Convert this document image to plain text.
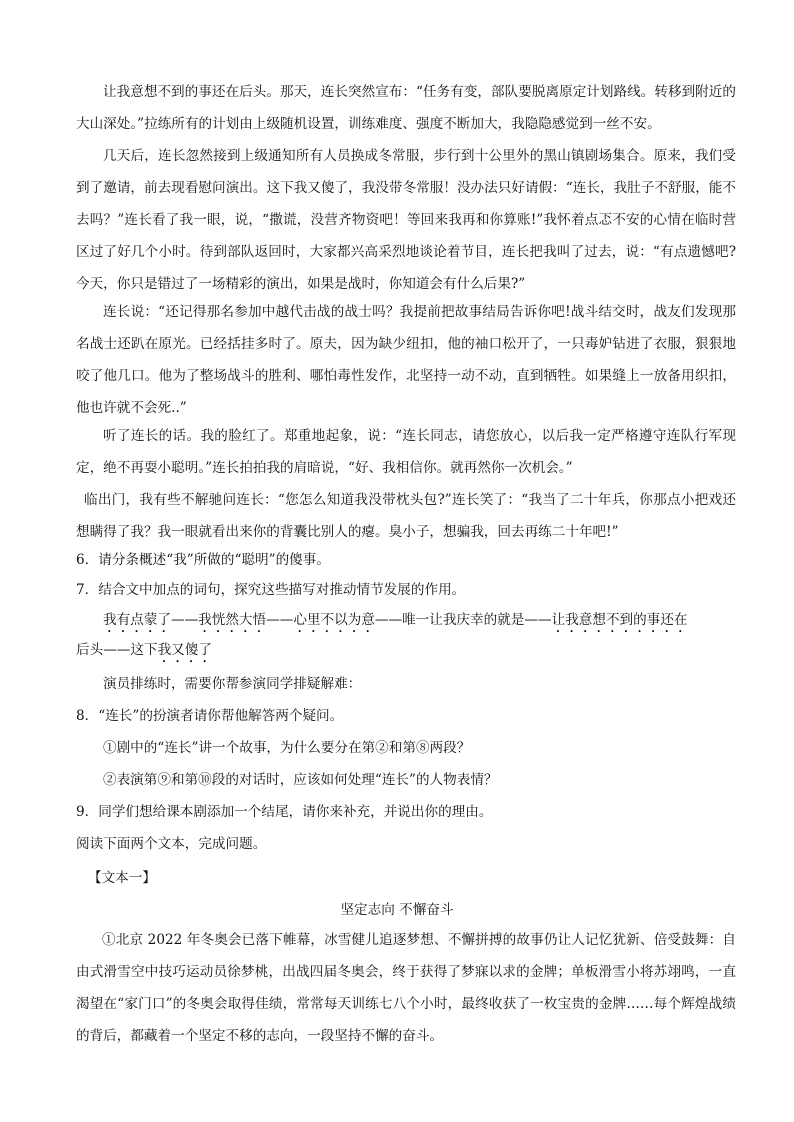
让我意想不到的事还在后头。那天，连长突然宣布：“任务有变，部队要脱离原定计划路线。转移到附近的大山深处。”拉练所有的计划由上级随机设置，训练难度、强度不断加大，我隐隐感觉到一丝不安。

几天后，连长忽然接到上级通知所有人员换成冬常服，步行到十公里外的黑山镇剧场集合。原来，我们受到了邀请，前去现看慰问演出。这下我又傻了，我没带冬常服！没办法只好请假：“连长，我肚子不舒服，能不去吗？”连长看了我一眼，说，“撒谎，没营齐物资吧！等回来我再和你算账!”我怀着点忑不安的心情在临时营区过了好几个小时。待到部队返回时，大家都兴高采烈地谈论着节目，连长把我叫了过去，说：“有点遗憾吧?今天，你只是错过了一场精彩的演出，如果是战时，你知道会有什么后果?”

连长说：“还记得那名参加中越代击战的战士吗？我提前把故事结局告诉你吧!战斗结交时，战友们发现那名战士还趴在原光。已经括挂多时了。原夫，因为缺少纽扣，他的袖口松开了，一只毒妒钻进了衣服，狠狠地咬了他几口。他为了整场战斗的胜利、哪怕毒性发作，北坚持一动不动，直到牺牲。如果缝上一放备用织扣，他也许就不会死..”

听了连长的话。我的脸红了。郑重地起象，说：“连长同志，请您放心，以后我一定严格遵守连队行军现定，绝不再耍小聪明。”连长拍拍我的肩暗说，“好、我相信你。就再然你一次机会。”

临出门，我有些不解驰问连长：“您怎么知道我没带枕头包?”连长笑了：“我当了二十年兵，你那点小把戏还想瞒得了我？我一眼就看出来你的背囊比别人的瘪。臭小子，想骗我，回去再练二十年吧!”

6．请分条概述“我”所做的“聪明”的傻事。

7．结合文中加点的词句，探究这些描写对推动情节发展的作用。

我有点蒙了——我恍然大悟——心里不以为意——唯一让我庆幸的就是——让我意想不到的事还在

后头——这下我又傻了

演员排练时，需要你帮参演同学排疑解难：

8．“连长”的扮演者请你帮他解答两个疑问。

①剧中的“连长”讲一个故事，为什么要分在第②和第⑧两段？

②表演第⑨和第⑩段的对话时，应该如何处理“连长”的人物表情？

9．同学们想给课本剧添加一个结尾，请你来补充，并说出你的理由。

阅读下面两个文本，完成问题。

【文本一】

坚定志向 不懈奋斗

①北京 2022 年冬奥会已落下帷幕，冰雪健儿追逐梦想、不懈拼搏的故事仍让人记忆犹新、倍受鼓舞：自由式滑雪空中技巧运动员徐梦桃，出战四届冬奥会，终于获得了梦寐以求的金牌；单板滑雪小将苏翊鸣，一直渴望在“家门口”的冬奥会取得佳绩，常常每天训练七八个小时，最终收获了一枚宝贵的金牌……每个辉煌战绩的背后，都藏着一个坚定不移的志向，一段坚持不懈的奋斗。
